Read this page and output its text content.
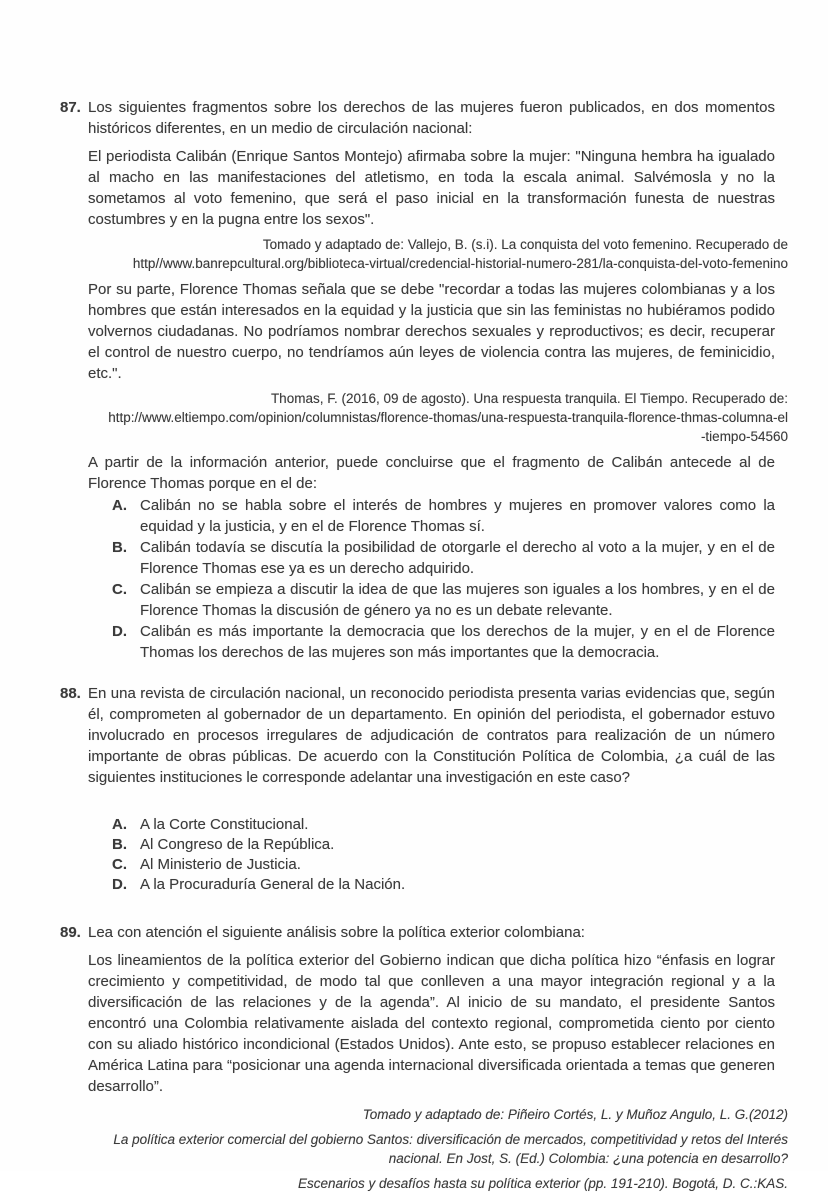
87. Los siguientes fragmentos sobre los derechos de las mujeres fueron publicados, en dos momentos históricos diferentes, en un medio de circulación nacional:

El periodista Calibán (Enrique Santos Montejo) afirmaba sobre la mujer: "Ninguna hembra ha igualado al macho en las manifestaciones del atletismo, en toda la escala animal. Salvémosla y no la sometamos al voto femenino, que será el paso inicial en la transformación funesta de nuestras costumbres y en la pugna entre los sexos".

Tomado y adaptado de: Vallejo, B. (s.i). La conquista del voto femenino. Recuperado de
http//www.banrepcultural.org/biblioteca-virtual/credencial-historial-numero-281/la-conquista-del-voto-femenino

Por su parte, Florence Thomas señala que se debe "recordar a todas las mujeres colombianas y a los hombres que están interesados en la equidad y la justicia que sin las feministas no hubiéramos podido volvernos ciudadanas. No podríamos nombrar derechos sexuales y reproductivos; es decir, recuperar el control de nuestro cuerpo, no tendríamos aún leyes de violencia contra las mujeres, de feminicidio, etc.".

Thomas, F. (2016, 09 de agosto). Una respuesta tranquila. El Tiempo. Recuperado de:
http://www.eltiempo.com/opinion/columnistas/florence-thomas/una-respuesta-tranquila-florence-thmas-columna-el
-tiempo-54560

A partir de la información anterior, puede concluirse que el fragmento de Calibán antecede al de Florence Thomas porque en el de:

A. Calibán no se habla sobre el interés de hombres y mujeres en promover valores como la equidad y la justicia, y en el de Florence Thomas sí.
B. Calibán todavía se discutía la posibilidad de otorgarle el derecho al voto a la mujer, y en el de Florence Thomas ese ya es un derecho adquirido.
C. Calibán se empieza a discutir la idea de que las mujeres son iguales a los hombres, y en el de Florence Thomas la discusión de género ya no es un debate relevante.
D. Calibán es más importante la democracia que los derechos de la mujer, y en el de Florence Thomas los derechos de las mujeres son más importantes que la democracia.
88. En una revista de circulación nacional, un reconocido periodista presenta varias evidencias que, según él, comprometen al gobernador de un departamento. En opinión del periodista, el gobernador estuvo involucrado en procesos irregulares de adjudicación de contratos para realización de un número importante de obras públicas. De acuerdo con la Constitución Política de Colombia, ¿a cuál de las siguientes instituciones le corresponde adelantar una investigación en este caso?

A. A la Corte Constitucional.
B. Al Congreso de la República.
C. Al Ministerio de Justicia.
D. A la Procuraduría General de la Nación.
89. Lea con atención el siguiente análisis sobre la política exterior colombiana:

Los lineamientos de la política exterior del Gobierno indican que dicha política hizo “énfasis en lograr crecimiento y competitividad, de modo tal que conlleven a una mayor integración regional y a la diversificación de las relaciones y de la agenda”. Al inicio de su mandato, el presidente Santos encontró una Colombia relativamente aislada del contexto regional, comprometida ciento por ciento con su aliado histórico incondicional (Estados Unidos). Ante esto, se propuso establecer relaciones en América Latina para “posicionar una agenda internacional diversificada orientada a temas que generen desarrollo”.

Tomado y adaptado de: Piñeiro Cortés, L. y Muñoz Angulo, L. G.(2012)
La política exterior comercial del gobierno Santos: diversificación de mercados, competitividad y retos del Interés
nacional. En Jost, S. (Ed.) Colombia: ¿una potencia en desarrollo?
Escenarios y desafíos hasta su política exterior (pp. 191-210). Bogotá, D. C.:KAS.
